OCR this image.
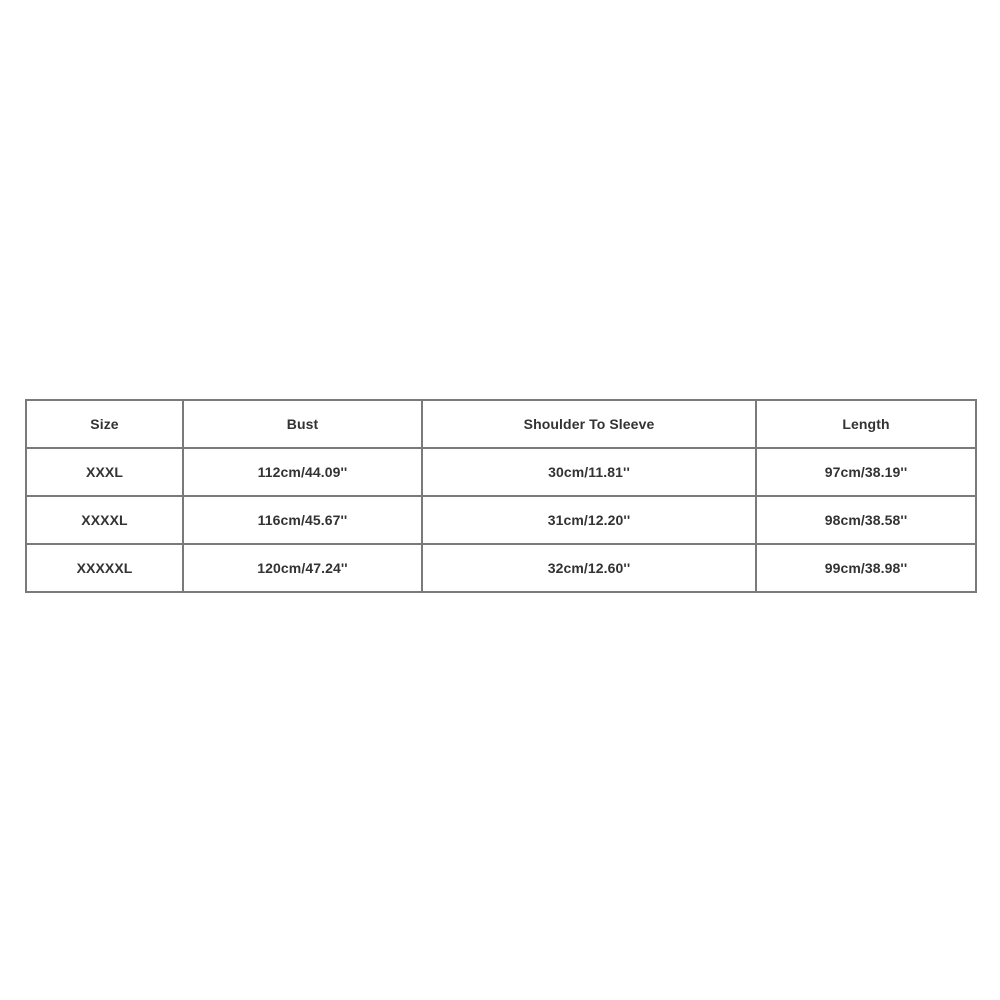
Size	Bust	Shoulder To Sleeve	Length
XXXL	112cm/44.09''	30cm/11.81''	97cm/38.19''
XXXXL	116cm/45.67''	31cm/12.20''	98cm/38.58''
XXXXXL	120cm/47.24''	32cm/12.60''	99cm/38.98''
